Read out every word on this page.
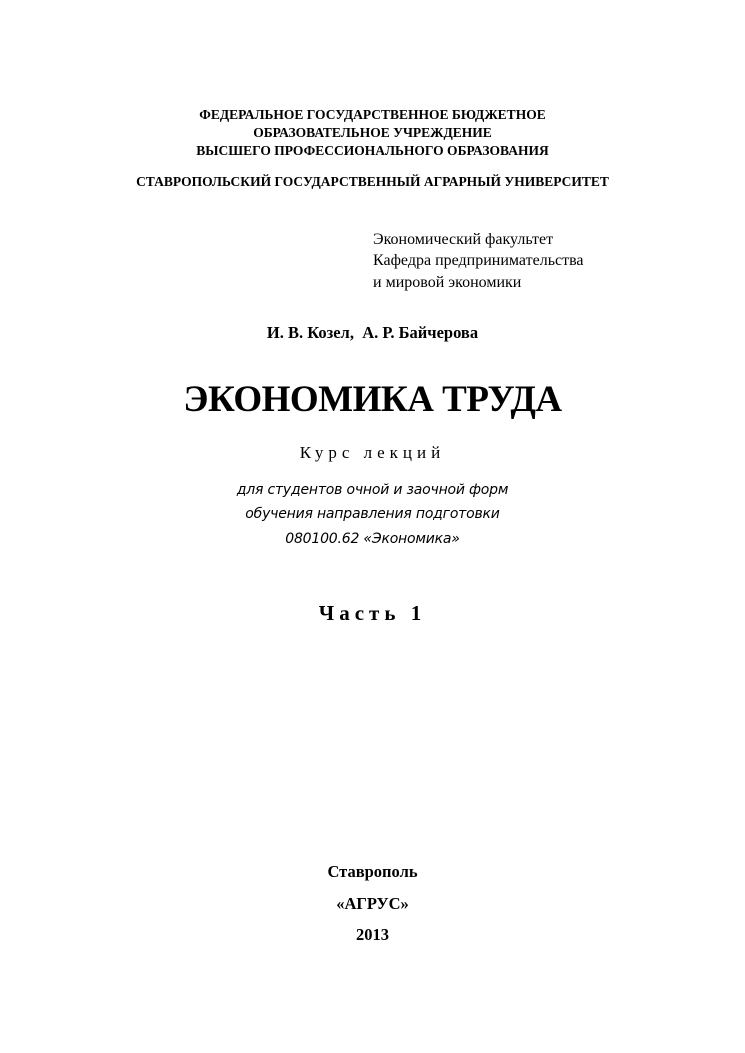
ФЕДЕРАЛЬНОЕ ГОСУДАРСТВЕННОЕ БЮДЖЕТНОЕ
ОБРАЗОВАТЕЛЬНОЕ УЧРЕЖДЕНИЕ
ВЫСШЕГО ПРОФЕССИОНАЛЬНОГО ОБРАЗОВАНИЯ
СТАВРОПОЛЬСКИЙ ГОСУДАРСТВЕННЫЙ АГРАРНЫЙ УНИВЕРСИТЕТ
Экономический факультет
Кафедра предпринимательства
и мировой экономики
И. В. Козел,  А. Р. Байчерова
ЭКОНОМИКА ТРУДА
Курс лекций
для студентов очной и заочной форм
обучения направления подготовки
080100.62 «Экономика»
Часть 1
Ставрополь
«АГРУС»
2013
